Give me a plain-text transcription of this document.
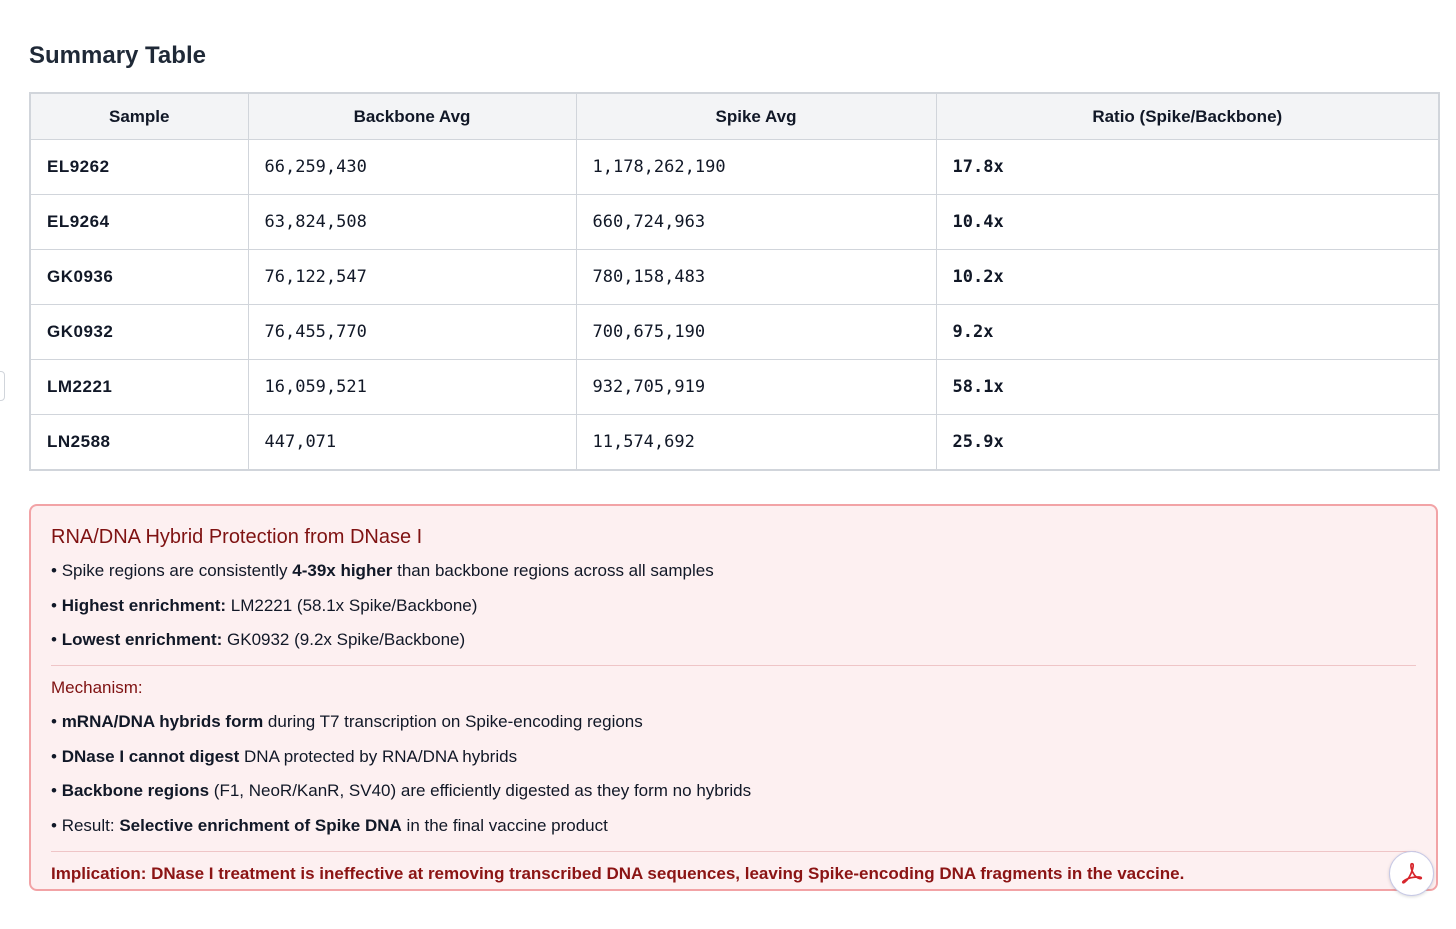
Summary Table
Sample	Backbone Avg	Spike Avg	Ratio (Spike/Backbone)
EL9262	66,259,430	1,178,262,190	17.8x
EL9264	63,824,508	660,724,963	10.4x
GK0936	76,122,547	780,158,483	10.2x
GK0932	76,455,770	700,675,190	9.2x
LM2221	16,059,521	932,705,919	58.1x
LN2588	447,071	11,574,692	25.9x
RNA/DNA Hybrid Protection from DNase I
• Spike regions are consistently 4-39x higher than backbone regions across all samples
• Highest enrichment: LM2221 (58.1x Spike/Backbone)
• Lowest enrichment: GK0932 (9.2x Spike/Backbone)
Mechanism:
• mRNA/DNA hybrids form during T7 transcription on Spike-encoding regions
• DNase I cannot digest DNA protected by RNA/DNA hybrids
• Backbone regions (F1, NeoR/KanR, SV40) are efficiently digested as they form no hybrids
• Result: Selective enrichment of Spike DNA in the final vaccine product
Implication: DNase I treatment is ineffective at removing transcribed DNA sequences, leaving Spike-encoding DNA fragments in the vaccine.
